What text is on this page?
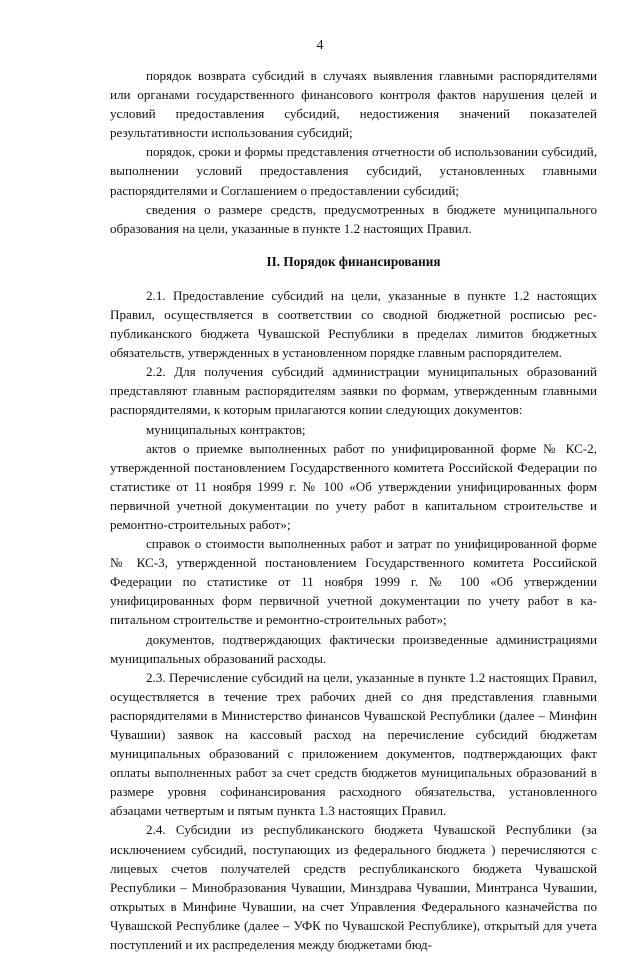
4

порядок возврата субсидий в случаях выявления главными распорядителями или органами государственного финансового контроля фактов нарушения целей и условий предоставления субсидий, недостижения значений показателей результативности использования субсидий;

порядок, сроки и формы представления отчетности об использовании субсидий, выполнении условий предоставления субсидий, установленных главными распорядителями и Соглашением о предоставлении субсидий;

сведения о размере средств, предусмотренных в бюджете муниципального образования на цели, указанные в пункте 1.2 настоящих Правил.

II. Порядок финансирования

2.1. Предоставление субсидий на цели, указанные в пункте 1.2 настоящих Правил, осуществляется в соответствии со сводной бюджетной росписью республиканского бюджета Чувашской Республики в пределах лимитов бюджетных обязательств, утвержденных в установленном порядке главным распорядителем.

2.2. Для получения субсидий администрации муниципальных образований представляют главным распорядителям заявки по формам, утвержденным главными распорядителями, к которым прилагаются копии следующих документов:

муниципальных контрактов;

актов о приемке выполненных работ по унифицированной форме № КС-2, утвержденной постановлением Государственного комитета Российской Федерации по статистике от 11 ноября 1999 г. № 100 «Об утверждении унифицированных форм первичной учетной документации по учету работ в капитальном строительстве и ремонтно-строительных работ»;

справок о стоимости выполненных работ и затрат по унифицированной форме № КС-3, утвержденной постановлением Государственного комитета Российской Федерации по статистике от 11 ноября 1999 г. № 100 «Об утверждении унифицированных форм первичной учетной документации по учету работ в капитальном строительстве и ремонтно-строительных работ»;

документов, подтверждающих фактически произведенные администрациями муниципальных образований расходы.

2.3. Перечисление субсидий на цели, указанные в пункте 1.2 настоящих Правил, осуществляется в течение трех рабочих дней со дня представления главными распорядителями в Министерство финансов Чувашской Республики (далее – Минфин Чувашии) заявок на кассовый расход на перечисление субсидий бюджетам муниципальных образований с приложением документов, подтверждающих факт оплаты выполненных работ за счет средств бюджетов муниципальных образований в размере уровня софинансирования расходного обязательства, установленного абзацами четвертым и пятым пункта 1.3 настоящих Правил.

2.4. Субсидии из республиканского бюджета Чувашской Республики (за исключением субсидий, поступающих из федерального бюджета ) перечисляются с лицевых счетов получателей средств республиканского бюджета Чувашской Республики – Минобразования Чувашии, Минздрава Чувашии, Минтранса Чувашии, открытых в Минфине Чувашии, на счет Управления Федерального казначейства по Чувашской Республике (далее – УФК по Чувашской Республике), открытый для учета поступлений и их распределения между бюджетами бюд-
